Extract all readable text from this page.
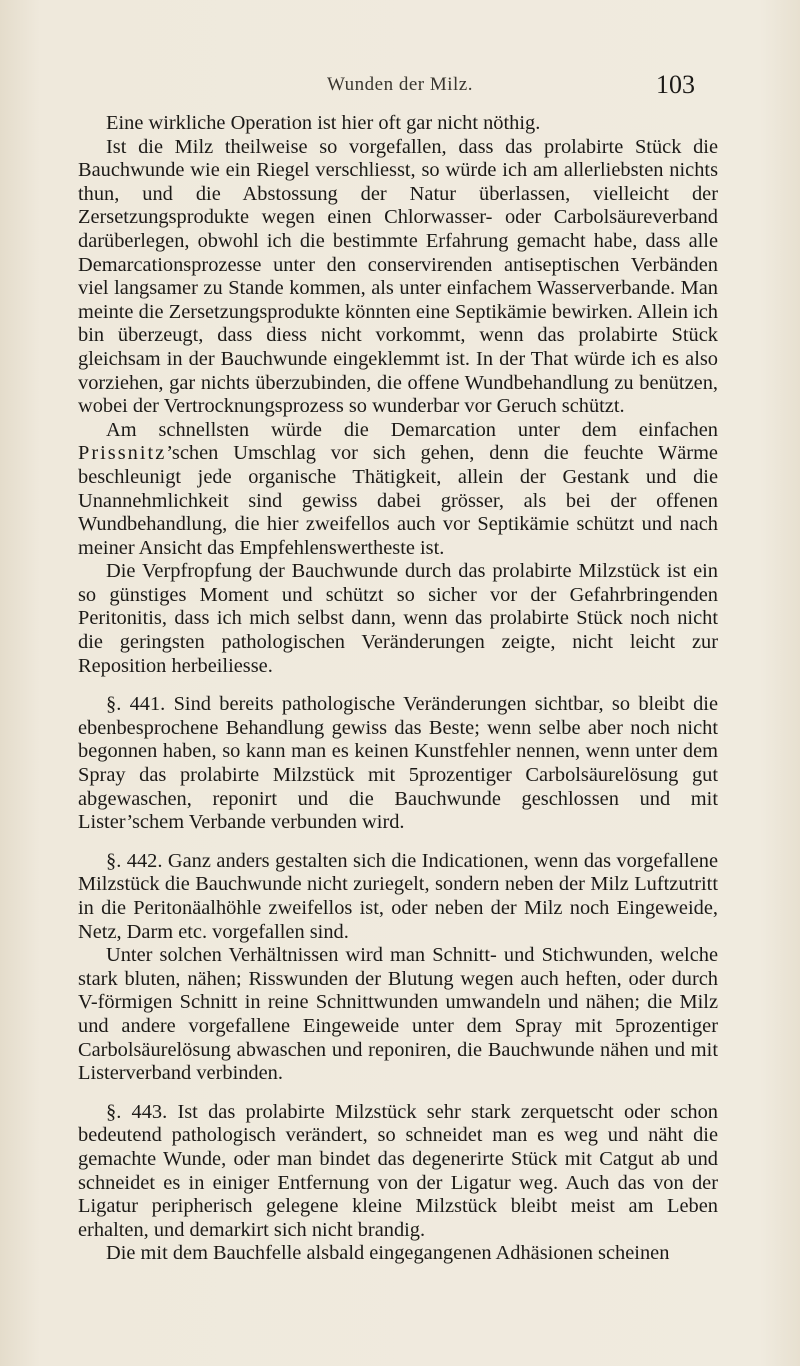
Wunden der Milz.	103

Eine wirkliche Operation ist hier oft gar nicht nöthig.

Ist die Milz theilweise so vorgefallen, dass das prolabirte Stück die Bauchwunde wie ein Riegel verschliesst, so würde ich am allerliebsten nichts thun, und die Abstossung der Natur überlassen, vielleicht der Zersetzungsprodukte wegen einen Chlorwasser- oder Carbolsäureverband darüberlegen, obwohl ich die bestimmte Erfahrung gemacht habe, dass alle Demarcationsprozesse unter den conservirenden antiseptischen Verbänden viel langsamer zu Stande kommen, als unter einfachem Wasserverbande. Man meinte die Zersetzungsprodukte könnten eine Septikämie bewirken. Allein ich bin überzeugt, dass diess nicht vorkommt, wenn das prolabirte Stück gleichsam in der Bauchwunde eingeklemmt ist. In der That würde ich es also vorziehen, gar nichts überzubinden, die offene Wundbehandlung zu benützen, wobei der Vertrocknungsprozess so wunderbar vor Geruch schützt.

Am schnellsten würde die Demarcation unter dem einfachen Prissnitz’schen Umschlag vor sich gehen, denn die feuchte Wärme beschleunigt jede organische Thätigkeit, allein der Gestank und die Unannehmlichkeit sind gewiss dabei grösser, als bei der offenen Wundbehandlung, die hier zweifellos auch vor Septikämie schützt und nach meiner Ansicht das Empfehlenswertheste ist.

Die Verpfropfung der Bauchwunde durch das prolabirte Milzstück ist ein so günstiges Moment und schützt so sicher vor der Gefahrbringenden Peritonitis, dass ich mich selbst dann, wenn das prolabirte Stück noch nicht die geringsten pathologischen Veränderungen zeigte, nicht leicht zur Reposition herbeiliesse.

§. 441. Sind bereits pathologische Veränderungen sichtbar, so bleibt die ebenbesprochene Behandlung gewiss das Beste; wenn selbe aber noch nicht begonnen haben, so kann man es keinen Kunstfehler nennen, wenn unter dem Spray das prolabirte Milzstück mit 5prozentiger Carbolsäurelösung gut abgewaschen, reponirt und die Bauchwunde geschlossen und mit Lister’schem Verbande verbunden wird.

§. 442. Ganz anders gestalten sich die Indicationen, wenn das vorgefallene Milzstück die Bauchwunde nicht zuriegelt, sondern neben der Milz Luftzutritt in die Peritonäalhöhle zweifellos ist, oder neben der Milz noch Eingeweide, Netz, Darm etc. vorgefallen sind.

Unter solchen Verhältnissen wird man Schnitt- und Stichwunden, welche stark bluten, nähen; Risswunden der Blutung wegen auch heften, oder durch V-förmigen Schnitt in reine Schnittwunden umwandeln und nähen; die Milz und andere vorgefallene Eingeweide unter dem Spray mit 5prozentiger Carbolsäurelösung abwaschen und reponiren, die Bauchwunde nähen und mit Listerverband verbinden.

§. 443. Ist das prolabirte Milzstück sehr stark zerquetscht oder schon bedeutend pathologisch verändert, so schneidet man es weg und näht die gemachte Wunde, oder man bindet das degenerirte Stück mit Catgut ab und schneidet es in einiger Entfernung von der Ligatur weg. Auch das von der Ligatur peripherisch gelegene kleine Milzstück bleibt meist am Leben erhalten, und demarkirt sich nicht brandig.

Die mit dem Bauchfelle alsbald eingegangenen Adhäsionen scheinen
